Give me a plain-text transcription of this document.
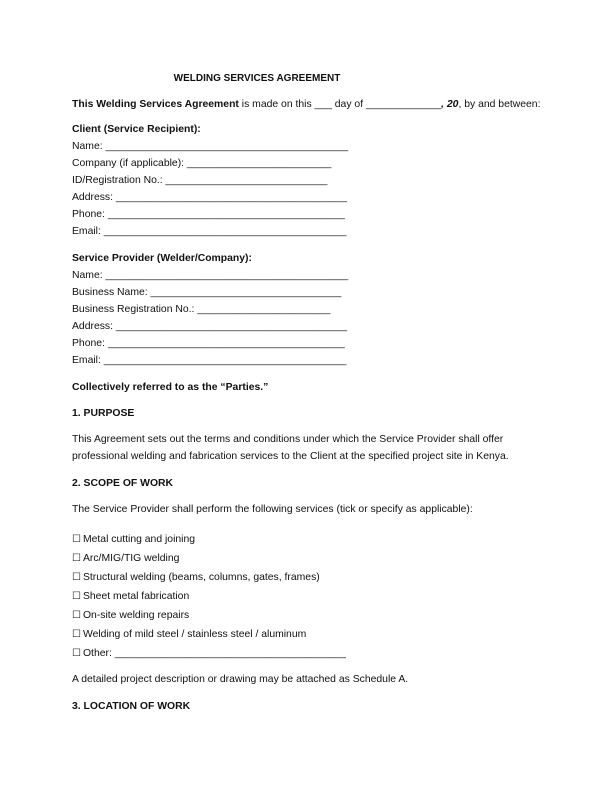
WELDING SERVICES AGREEMENT

This Welding Services Agreement is made on this ___ day of _____________, 20, by and between:

Client (Service Recipient):

Name: __________________________________________

Company (if applicable): _________________________

ID/Registration No.: ____________________________

Address: ________________________________________

Phone: _________________________________________

Email: __________________________________________

Service Provider (Welder/Company):

Name: __________________________________________

Business Name: _________________________________

Business Registration No.: _______________________

Address: ________________________________________

Phone: _________________________________________

Email: __________________________________________

Collectively referred to as the “Parties.”

1. PURPOSE

This Agreement sets out the terms and conditions under which the Service Provider shall offer professional welding and fabrication services to the Client at the specified project site in Kenya.

2. SCOPE OF WORK

The Service Provider shall perform the following services (tick or specify as applicable):

☐ Metal cutting and joining

☐ Arc/MIG/TIG welding

☐ Structural welding (beams, columns, gates, frames)

☐ Sheet metal fabrication

☐ On-site welding repairs

☐ Welding of mild steel / stainless steel / aluminum

☐ Other: ________________________________________

A detailed project description or drawing may be attached as Schedule A.

3. LOCATION OF WORK
